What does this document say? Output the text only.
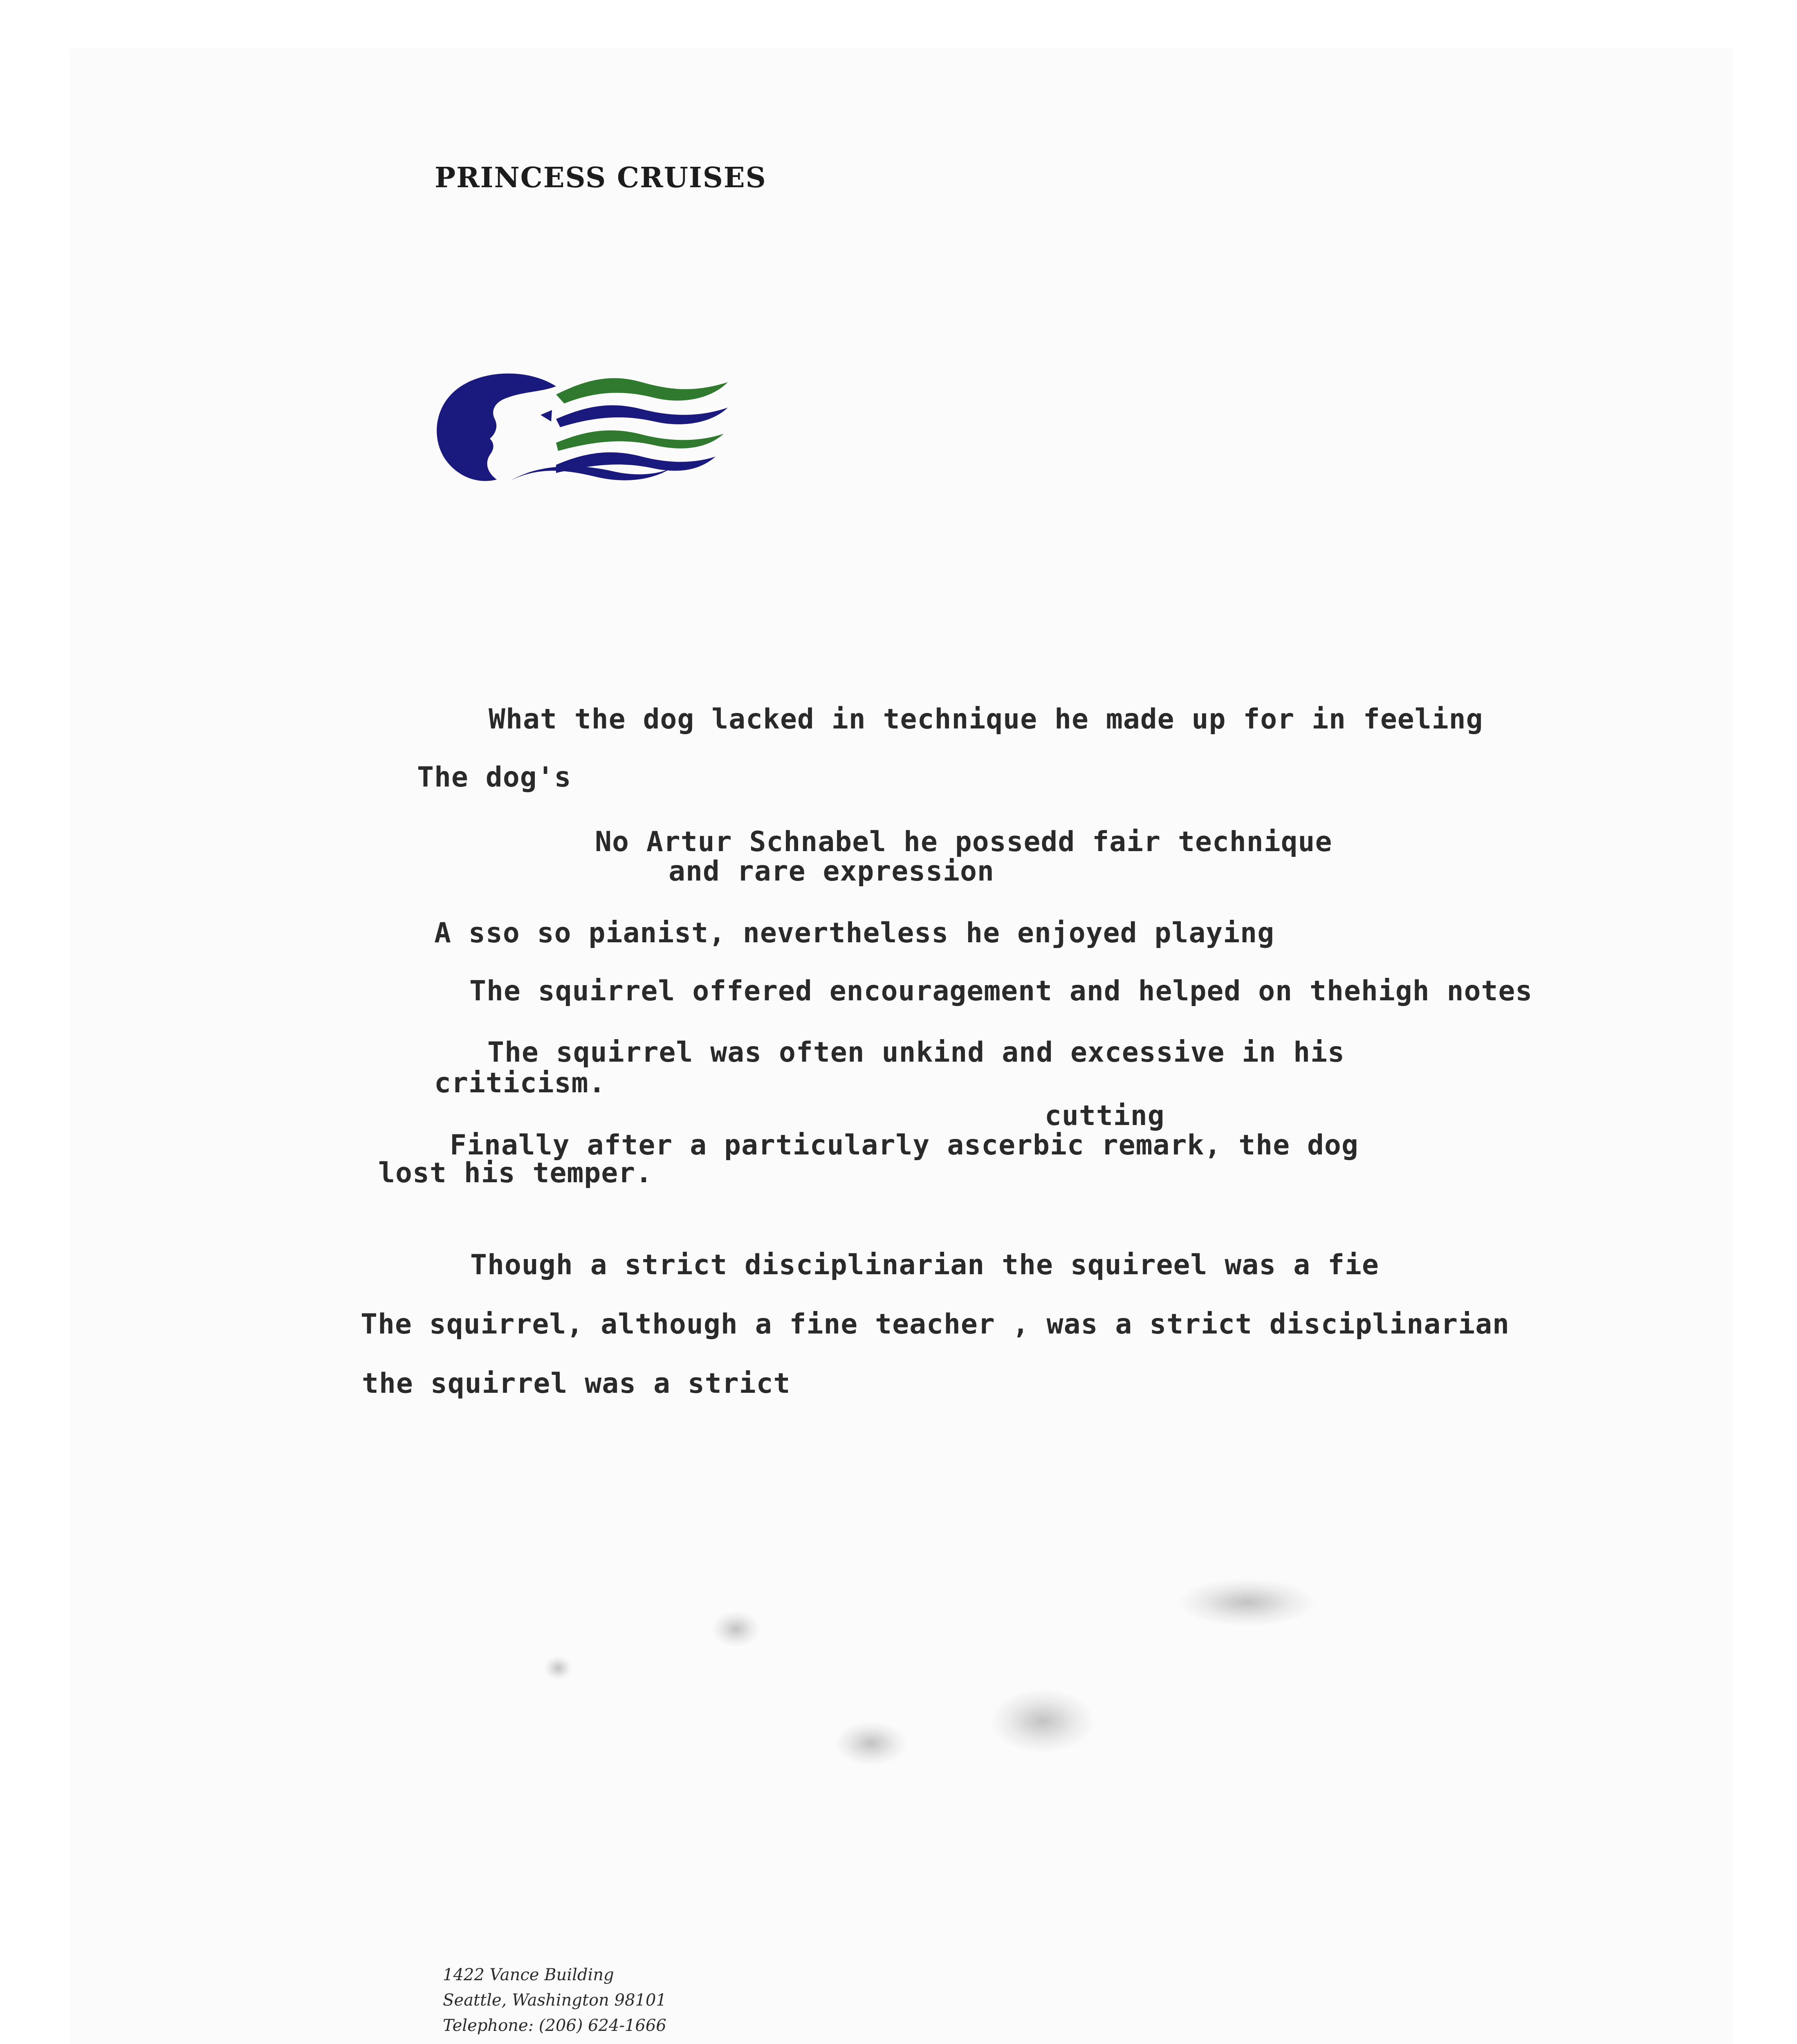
PRINCESS CRUISES
What the dog lacked in technique he made up for in feeling
The dog's
No Artur Schnabel he possedd fair technique
and rare expression
A sso so pianist, nevertheless he enjoyed playing
The squirrel offered encouragement and helped on thehigh notes
The squirrel was often unkind and excessive in his
criticism.
cutting
Finally after a particularly ascerbic remark, the dog
lost his temper.
Though a strict disciplinarian the squireel was a fie
The squirrel, although a fine teacher , was a strict disciplinarian
the squirrel was a strict
1422 Vance Building
Seattle, Washington 98101
Telephone: (206) 624-1666
